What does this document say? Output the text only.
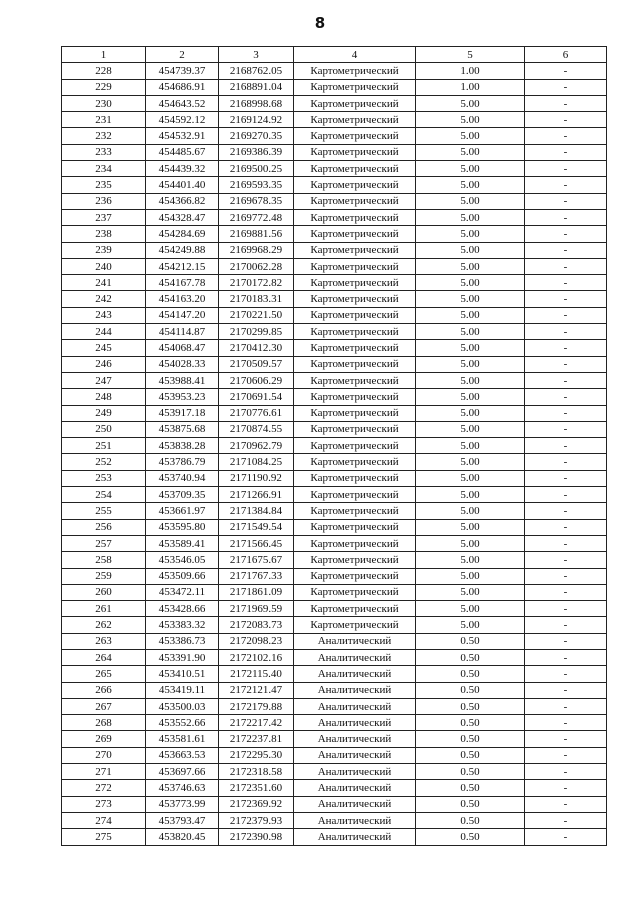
8
1	2	3	4	5	6
228	454739.37	2168762.05	Картометрический	1.00	-
229	454686.91	2168891.04	Картометрический	1.00	-
230	454643.52	2168998.68	Картометрический	5.00	-
231	454592.12	2169124.92	Картометрический	5.00	-
232	454532.91	2169270.35	Картометрический	5.00	-
233	454485.67	2169386.39	Картометрический	5.00	-
234	454439.32	2169500.25	Картометрический	5.00	-
235	454401.40	2169593.35	Картометрический	5.00	-
236	454366.82	2169678.35	Картометрический	5.00	-
237	454328.47	2169772.48	Картометрический	5.00	-
238	454284.69	2169881.56	Картометрический	5.00	-
239	454249.88	2169968.29	Картометрический	5.00	-
240	454212.15	2170062.28	Картометрический	5.00	-
241	454167.78	2170172.82	Картометрический	5.00	-
242	454163.20	2170183.31	Картометрический	5.00	-
243	454147.20	2170221.50	Картометрический	5.00	-
244	454114.87	2170299.85	Картометрический	5.00	-
245	454068.47	2170412.30	Картометрический	5.00	-
246	454028.33	2170509.57	Картометрический	5.00	-
247	453988.41	2170606.29	Картометрический	5.00	-
248	453953.23	2170691.54	Картометрический	5.00	-
249	453917.18	2170776.61	Картометрический	5.00	-
250	453875.68	2170874.55	Картометрический	5.00	-
251	453838.28	2170962.79	Картометрический	5.00	-
252	453786.79	2171084.25	Картометрический	5.00	-
253	453740.94	2171190.92	Картометрический	5.00	-
254	453709.35	2171266.91	Картометрический	5.00	-
255	453661.97	2171384.84	Картометрический	5.00	-
256	453595.80	2171549.54	Картометрический	5.00	-
257	453589.41	2171566.45	Картометрический	5.00	-
258	453546.05	2171675.67	Картометрический	5.00	-
259	453509.66	2171767.33	Картометрический	5.00	-
260	453472.11	2171861.09	Картометрический	5.00	-
261	453428.66	2171969.59	Картометрический	5.00	-
262	453383.32	2172083.73	Картометрический	5.00	-
263	453386.73	2172098.23	Аналитический	0.50	-
264	453391.90	2172102.16	Аналитический	0.50	-
265	453410.51	2172115.40	Аналитический	0.50	-
266	453419.11	2172121.47	Аналитический	0.50	-
267	453500.03	2172179.88	Аналитический	0.50	-
268	453552.66	2172217.42	Аналитический	0.50	-
269	453581.61	2172237.81	Аналитический	0.50	-
270	453663.53	2172295.30	Аналитический	0.50	-
271	453697.66	2172318.58	Аналитический	0.50	-
272	453746.63	2172351.60	Аналитический	0.50	-
273	453773.99	2172369.92	Аналитический	0.50	-
274	453793.47	2172379.93	Аналитический	0.50	-
275	453820.45	2172390.98	Аналитический	0.50	-
